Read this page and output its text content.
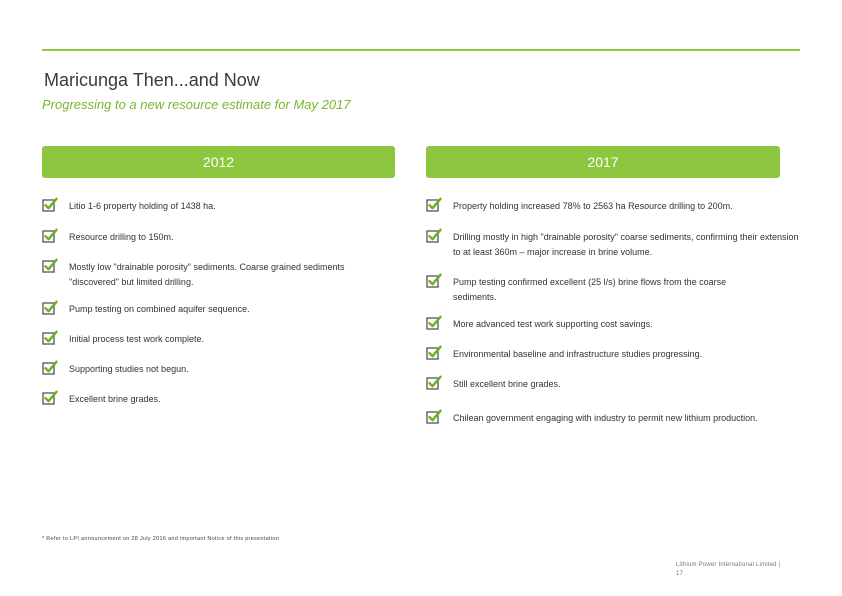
Maricunga Then...and Now
Progressing to a new resource estimate for May 2017
2012	2017
Litio 1-6 property holding of 1438 ha.
Resource drilling to 150m.
Mostly low "drainable porosity" sediments. Coarse grained sediments
"discovered" but limited drilling.
Pump testing on combined aquifer sequence.
Initial process test work complete.
Supporting studies not begun.
Excellent brine grades.
Property holding increased 78% to 2563 ha Resource drilling to 200m.
Drilling mostly in high "drainable porosity" coarse sediments, confirming their extension
to at least 360m – major increase in brine volume.
Pump testing confirmed excellent (25 l/s) brine flows from the coarse
sediments.
More advanced test work supporting cost savings.
Environmental baseline and infrastructure studies progressing.
Still excellent brine grades.
Chilean government engaging with industry to permit new lithium production.
* Refer to LPI announcement on 28 July 2016 and important Notice of this presentation
Lithium Power International Limited |
17
